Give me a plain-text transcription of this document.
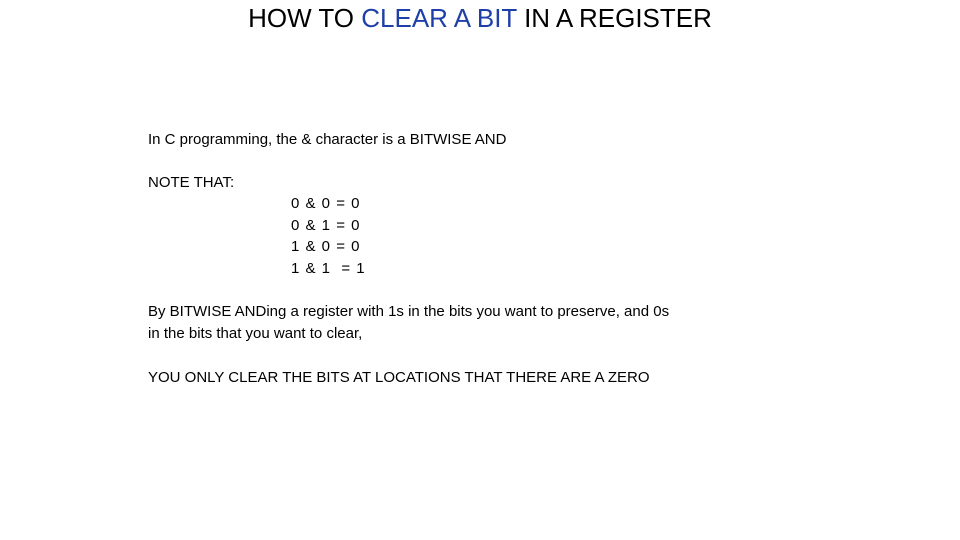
HOW TO CLEAR A BIT IN A REGISTER
In C programming, the & character is a BITWISE AND
NOTE THAT:
0 & 0 = 0
0 & 1 = 0
1 & 0 = 0
1 & 1  = 1
By BITWISE ANDing a register with 1s in the bits you want to preserve, and 0s
in the bits that you want to clear,
YOU ONLY CLEAR THE BITS AT LOCATIONS THAT THERE ARE A ZERO
